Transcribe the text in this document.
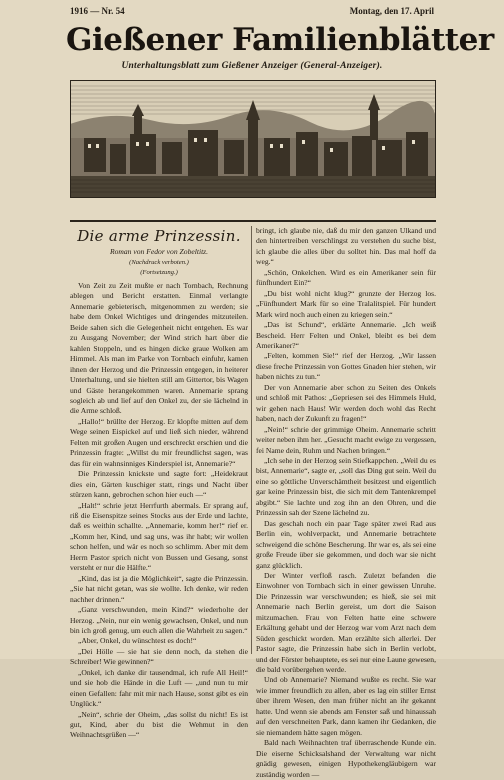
1916 — Nr. 54	Montag, den 17. April
Gießener Familienblätter
Unterhaltungsblatt zum Gießener Anzeiger (General-Anzeiger).
Die arme Prinzessin.
Roman von Fedor von Zobeltitz.
(Nachdruck verboten.)
(Fortsetzung.)

Von Zeit zu Zeit mußte er nach Tornbach, Rechnung ablegen und Bericht erstatten. Einmal verlangte Annemarie gebieterisch, mitgenommen zu werden; sie habe dem Onkel Wichtiges und dringendes mitzuteilen. Beide sahen sich die Gelegenheit nicht entgehen. Es war zu Ausgang November; der Wind strich hart über die kahlen Stoppeln, und es hingen dicke graue Wolken am Himmel. Als man im Parke von Tornbach einfuhr, kamen ihnen der Herzog und die Prinzessin entgegen, in heiterer Unterhaltung, und sie hielten still am Gittertor, bis Wagen und Gäste herangekommen waren. Annemarie sprang sogleich ab und lief auf den Onkel zu, der sie lächelnd in die Arme schloß.

„Hallo!“ brüllte der Herzog. Er klopfte mitten auf dem Wege seinen Eispickel auf und ließ sich nieder, während Felten mit großen Augen und erschreckt erschien und die Prinzessin fragte: „Willst du mir freundlichst sagen, was das für ein wahnsinniges Kinderspiel ist, Annemarie?“

Die Prinzessin knickste und sagte fort: „Heidekraut dies ein, Gärten kuschiger statt, rings und Nacht über stürzen kann, gebrochen schon hier euch —“

„Halt!“ schrie jetzt Herrfurth abermals. Er sprang auf, riß die Eisenspitze seines Stocks aus der Erde und lachte, daß es weithin schallte. „Annemarie, komm her!“ rief er. „Komm her, Kind, und sag uns, was ihr habt; wir wollen schon helfen, und wär es noch so schlimm. Aber mit dem Herrn Pastor sprich nicht von Bussen und Gesang, sonst versteht er nur die Hälfte.“

„Kind, das ist ja die Möglichkeit“, sagte die Prinzessin. „Sie hat nicht getan, was sie wollte. Ich denke, wir reden nachher drinnen.“

„Ganz verschwunden, mein Kind?“ wiederholte der Herzog. „Nein, nur ein wenig gewachsen, Onkel, und nun bin ich groß genug, um euch allen die Wahrheit zu sagen.“

„Aber, Onkel, du wünschtest es doch!“

„Dei Hölle — sie hat sie denn noch, da stehen die Schreiber! Wie gewinnen?“

„Onkel, ich danke dir tausendmal, ich rufe All Heil!“ und sie hob die Hände in die Luft — „und nun tu mir einen Gefallen: fahr mit mir nach Hause, sonst gibt es ein Unglück.“

„Nein“, schrie der Oheim, „das sollst du nicht! Es ist gut, Kind, aber du bist die Wehmut in den Weihnachtsgrüßen —“

bringt, ich glaube nie, daß du mir den ganzen Ulkand und den hintertreiben verschlingst zu verstehen du suche bist, ich glaube die alles über du solltet hin. Das mal hoff da weg.“

„Schön, Onkelchen. Wird es ein Amerikaner sein für fünfhundert Ein?“

„Du bist wohl nicht klug?“ grunzte der Herzog los. „Fünfhundert Mark für so eine Tralalitspiel. Für hundert Mark wird noch auch einen zu kriegen sein.“

„Das ist Schund“, erklärte Annemarie. „Ich weiß Bescheid. Herr Felten und Onkel, bleibt es bei dem Amerikaner?“

„Felten, kommen Sie!“ rief der Herzog. „Wir lassen diese freche Prinzessin von Gottes Gnaden hier stehen, wir haben nichts zu tun.“

Der von Annemarie aber schon zu Seiten des Onkels und schloß mit Pathos: „Gepriesen sei des Himmels Huld, wir gehen nach Haus! Wir werden doch wohl das Recht haben, nach der Zukunft zu fragen!“

„Nein!“ schrie der grimmige Oheim. Annemarie schritt weiter neben ihm her. „Gesucht macht ewige zu vergessen, fei Name dein, Ruhm und Nachen bringen.“

„Ich sehe in der Herzog sein Stiefkappchen. „Weil du es bist, Annemarie“, sagte er, „soll das Ding gut sein. Weil du eine so göttliche Unverschämtheit besitzest und eigentlich gar keine Prinzessin bist, die sich mit dem Tantenkrempel abgibt.“ Sie lachte und zog ihn an den Ohren, und die Prinzessin sah der Szene lächelnd zu.

Das geschah noch ein paar Tage später zwei Rad aus Berlin ein, wohlverpackt, und Annemarie betrachtete schweigend die schöne Bescherung. Ihr war es, als sei eine große Freude über sie gekommen, und doch war sie nicht ganz glücklich.

Der Winter verfloß rasch. Zuletzt befanden die Einwohner von Tornbach sich in einer gewissen Unruhe. Die Prinzessin war verschwunden; es hieß, sie sei mit Annemarie nach Berlin gereist, um dort die Saison mitzumachen. Frau von Felten hatte eine schwere Erkältung gehabt und der Herzog war vom Arzt nach dem Süden geschickt worden. Man erzählte sich allerlei. Der Pastor sagte, die Prinzessin habe sich in Berlin verlobt, und der Förster behauptete, es sei nur eine Laune gewesen, die bald vorübergehen werde.

Und ob Annemarie? Niemand wußte es recht. Sie war wie immer freundlich zu allen, aber es lag ein stiller Ernst über ihrem Wesen, den man früher nicht an ihr gekannt hatte. Und wenn sie abends am Fenster saß und hinaussah auf den verschneiten Park, dann kamen ihr Gedanken, die sie niemandem hätte sagen mögen.

Bald nach Weihnachten traf überraschende Kunde ein. Die eiserne Schicksalshand der Verwaltung war nicht gnädig gewesen, einigen Hypothekengläubigern war zuständig worden —
